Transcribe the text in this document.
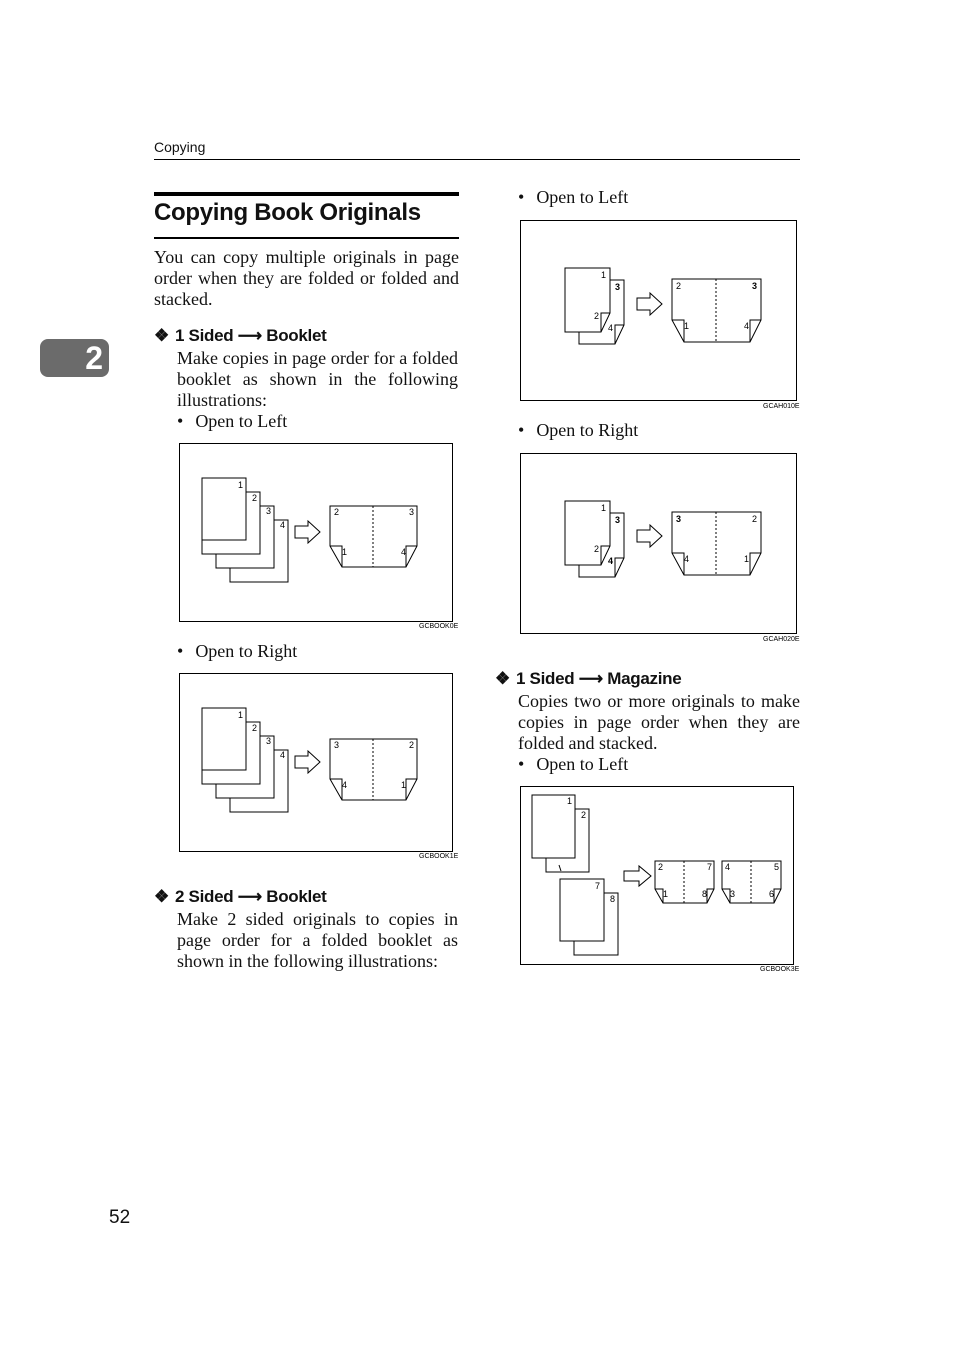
Copying
2
Copying Book Originals
You can copy multiple originals in page order when they are folded or folded and stacked.
❖ 1 Sided ⟶ Booklet
Make copies in page order for a folded booklet as shown in the following illustrations:
• Open to Left
1
2
3
4
2	3
1	4
GCBOOK0E
• Open to Right
1
2
3
4
3	2
4	1
GCBOOK1E
❖ 2 Sided ⟶ Booklet
Make 2 sided originals to copies in page order for a folded booklet as shown in the following illustrations:
• Open to Left
1
3
2
4
2	3
1	4
GCAH010E
• Open to Right
1
3
2
4
3	2
4	1
GCAH020E
❖ 1 Sided ⟶ Magazine
Copies two or more originals to make copies in page order when they are folded and stacked.
• Open to Left
1
2
7
8
2	7
1	8
4	5
3	6
GCBOOK3E
52
